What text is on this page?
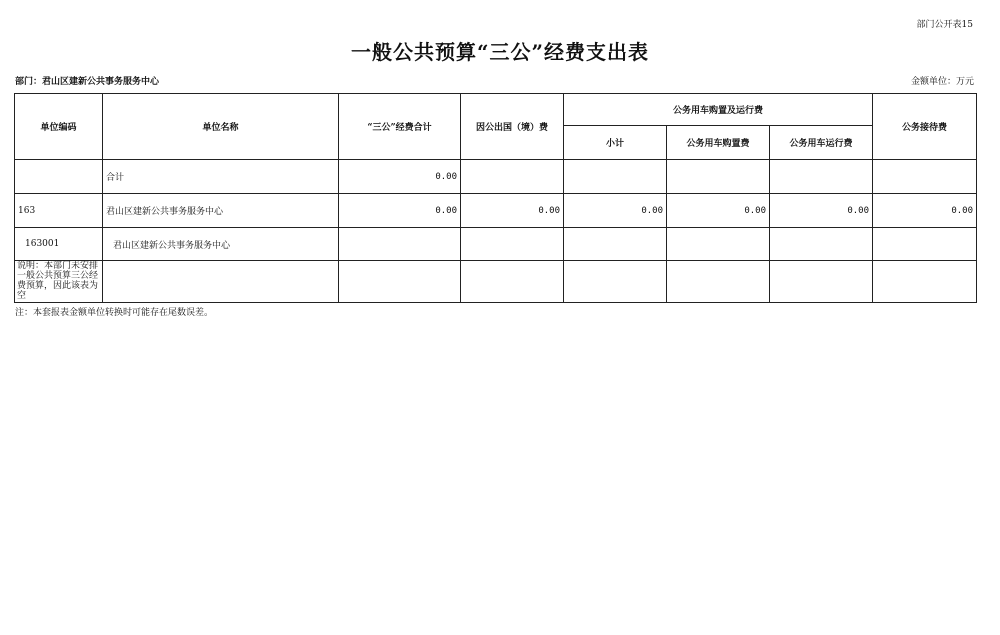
部门公开表15
一般公共预算“三公”经费支出表
部门：君山区建新公共事务服务中心	金额单位：万元
单位编码	单位名称	“三公”经费合计	因公出国（境）费	公务用车购置及运行费			公务接待费
				小计	公务用车购置费	公务用车运行费	
	合计	0.00					
163	君山区建新公共事务服务中心	0.00	0.00	0.00	0.00	0.00	0.00
163001	君山区建新公共事务服务中心						
说明：本部门未安排一般公共预算三公经费预算，因此该表为空							
注：本套报表金额单位转换时可能存在尾数误差。
